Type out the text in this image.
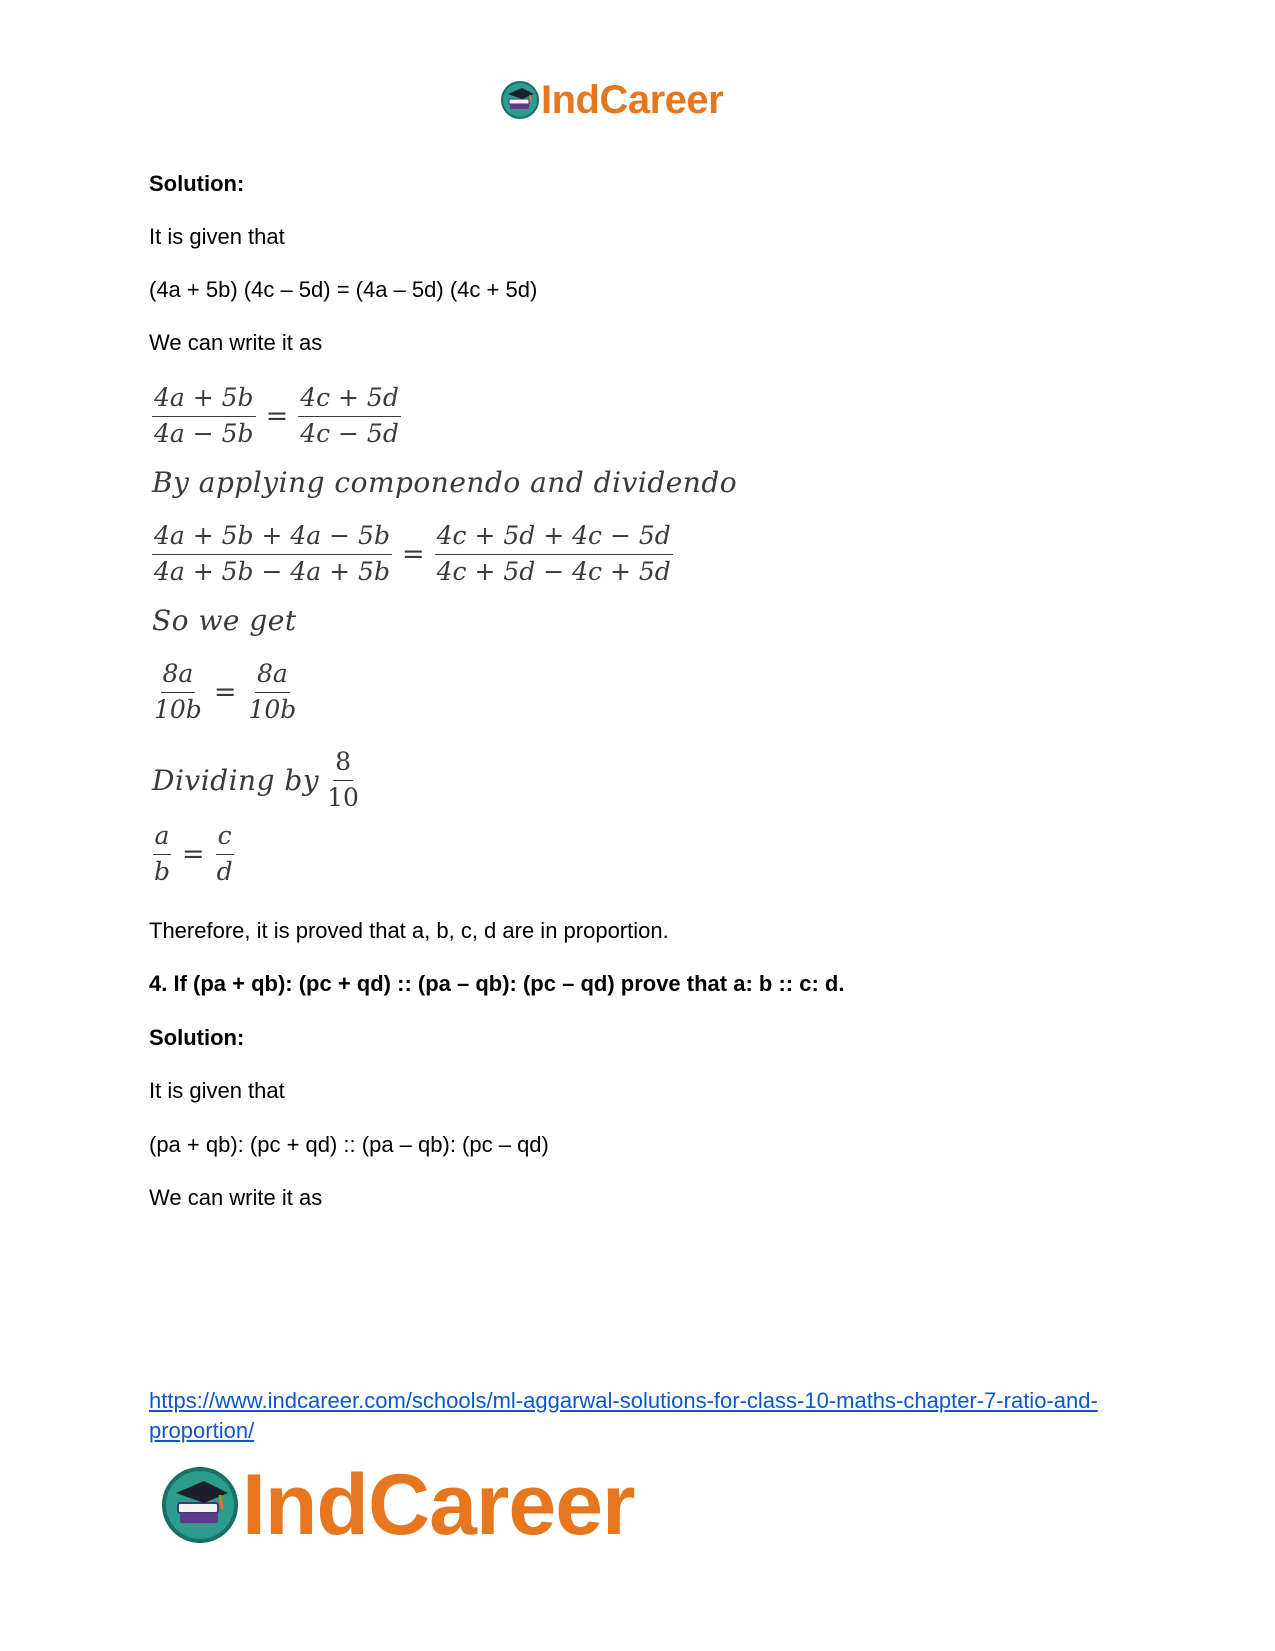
IndCareer
Solution:
It is given that
(4a + 5b) (4c – 5d) = (4a – 5d) (4c + 5d)
We can write it as
$\frac{4a + 5b}{4a - 5b} = \frac{4c + 5d}{4c - 5d}$
By applying componendo and dividendo
$\frac{4a + 5b + 4a - 5b}{4a + 5b - 4a + 5b} = \frac{4c + 5d + 4c - 5d}{4c + 5d - 4c + 5d}$
So we get
$\frac{8a}{10b} = \frac{8a}{10b}$
Dividing by $\frac{8}{10}$
$\frac{a}{b} = \frac{c}{d}$
Therefore, it is proved that a, b, c, d are in proportion.
4. If (pa + qb): (pc + qd) :: (pa – qb): (pc – qd) prove that a: b :: c: d.
Solution:
It is given that
(pa + qb): (pc + qd) :: (pa – qb): (pc – qd)
We can write it as
https://www.indcareer.com/schools/ml-aggarwal-solutions-for-class-10-maths-chapter-7-ratio-and-proportion/
IndCareer
